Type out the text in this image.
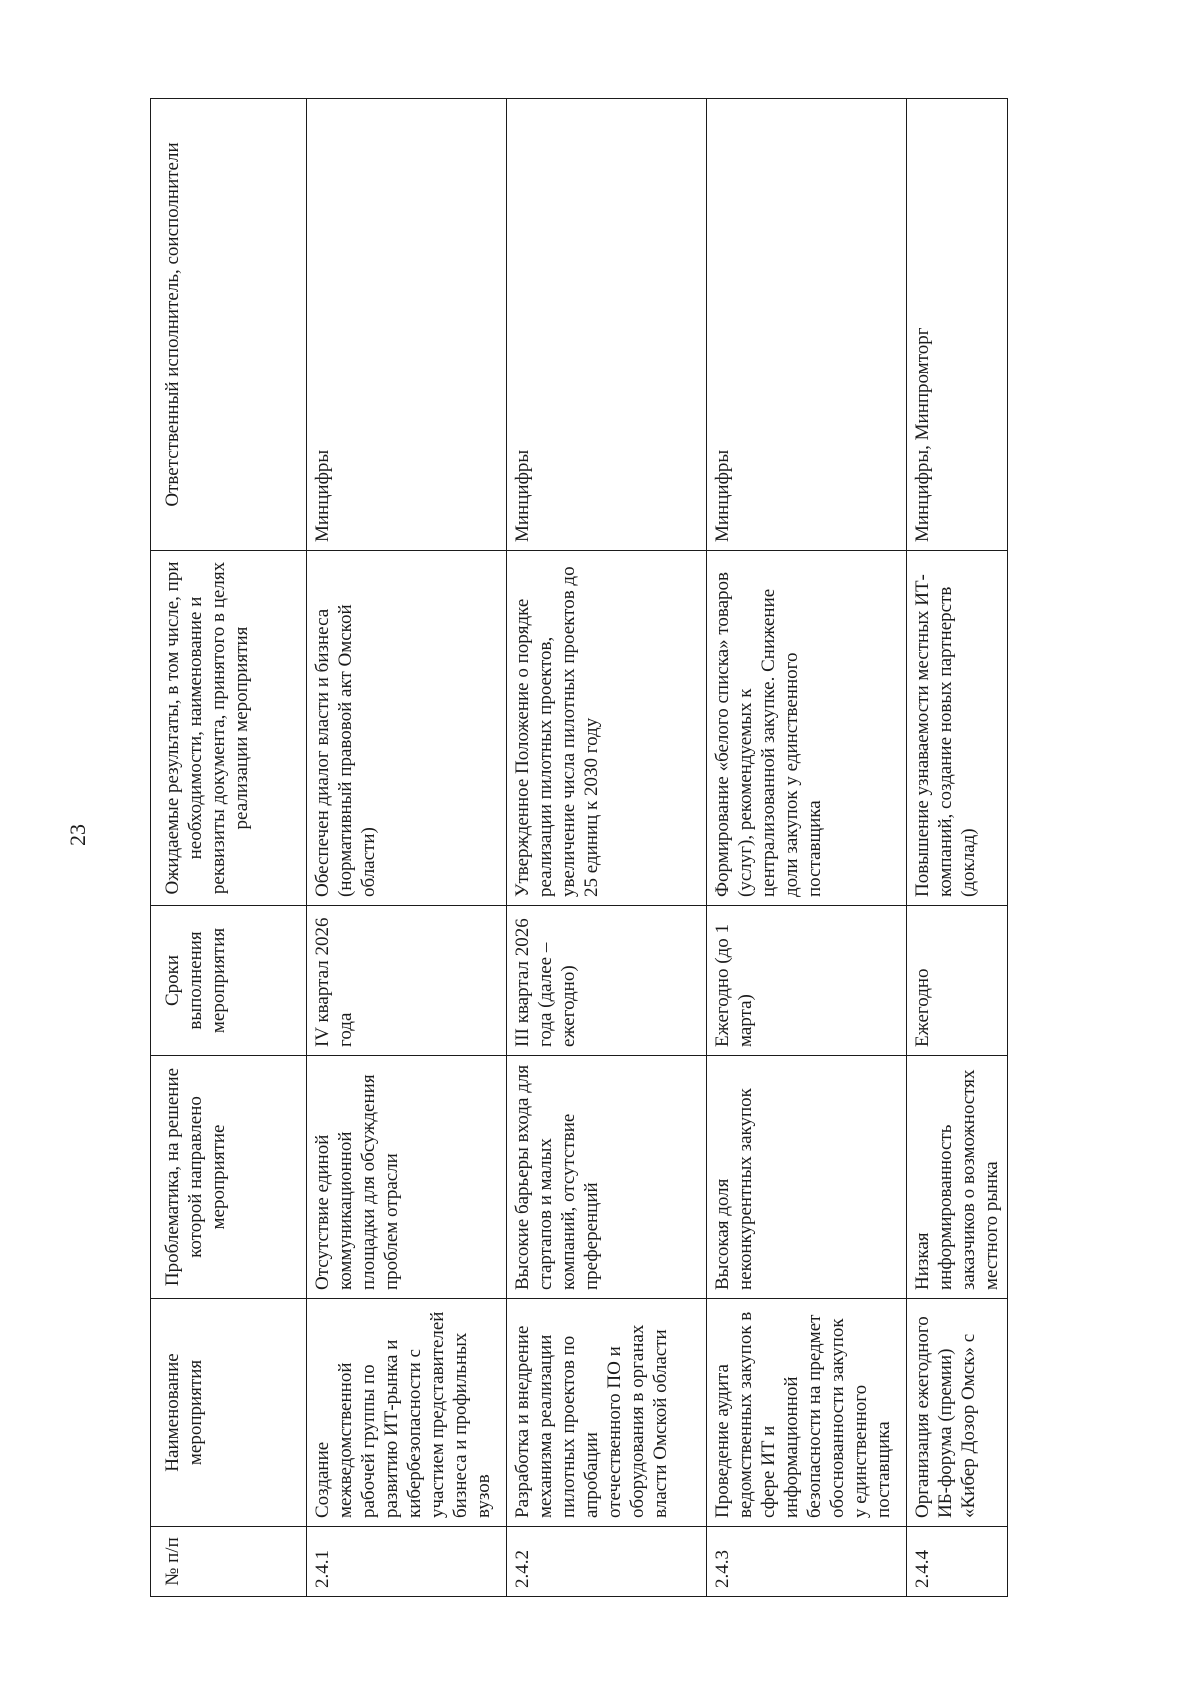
23
№ п/п	Наименование мероприятия	Проблематика, на решение которой направлено мероприятие	Сроки выполнения мероприятия	Ожидаемые результаты, в том числе, при необходимости, наименование и реквизиты документа, принятого в целях реализации мероприятия	Ответственный исполнитель, соисполнители
2.4.1	Создание межведомственной рабочей группы по развитию ИТ-рынка и кибербезопасности с участием представителей бизнеса и профильных вузов	Отсутствие единой коммуникационной площадки для обсуждения проблем отрасли	IV квартал 2026 года	Обеспечен диалог власти и бизнеса (нормативный правовой акт Омской области)	Минцифры
2.4.2	Разработка и внедрение механизма реализации пилотных проектов по апробации отечественного ПО и оборудования в органах власти Омской области	Высокие барьеры входа для стартапов и малых компаний, отсутствие преференций	III квартал 2026 года (далее – ежегодно)	Утвержденное Положение о порядке реализации пилотных проектов, увеличение числа пилотных проектов до 25 единиц к 2030 году	Минцифры
2.4.3	Проведение аудита ведомственных закупок в сфере ИТ и информационной безопасности на предмет обоснованности закупок у единственного поставщика	Высокая доля неконкурентных закупок	Ежегодно (до 1 марта)	Формирование «белого списка» товаров (услуг), рекомендуемых к централизованной закупке. Снижение доли закупок у единственного поставщика	Минцифры
2.4.4	Организация ежегодного ИБ-форума (премии) «Кибер Дозор Омск» с	Низкая информированность заказчиков о возможностях местного рынка	Ежегодно	Повышение узнаваемости местных ИТ-компаний, создание новых партнерств (доклад)	Минцифры, Минпромторг
